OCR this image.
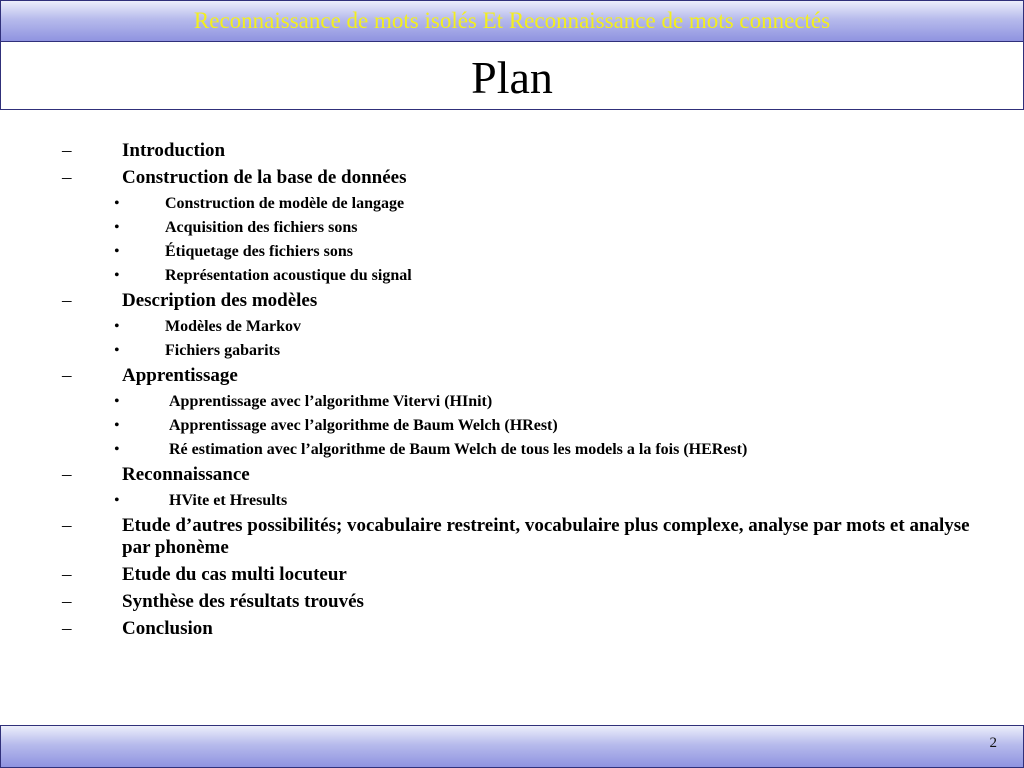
Reconnaissance de mots isolés Et Reconnaissance de mots connectés
Plan
–	Introduction
–	Construction de la base de données
•	Construction de modèle de langage
•	Acquisition des fichiers sons
•	Étiquetage des fichiers sons
•	Représentation acoustique du signal
–	Description des modèles
•	Modèles de Markov
•	Fichiers gabarits
–	Apprentissage
•	Apprentissage avec l’algorithme Vitervi (HInit)
•	Apprentissage avec l’algorithme de Baum Welch (HRest)
•	Ré estimation avec l’algorithme de Baum Welch de tous les models a la fois (HERest)
–	Reconnaissance
•	HVite et Hresults
–	Etude d’autres possibilités; vocabulaire restreint, vocabulaire plus complexe, analyse par mots et analyse par phonème
–	Etude du cas multi locuteur
–	Synthèse des résultats trouvés
–	Conclusion
2
